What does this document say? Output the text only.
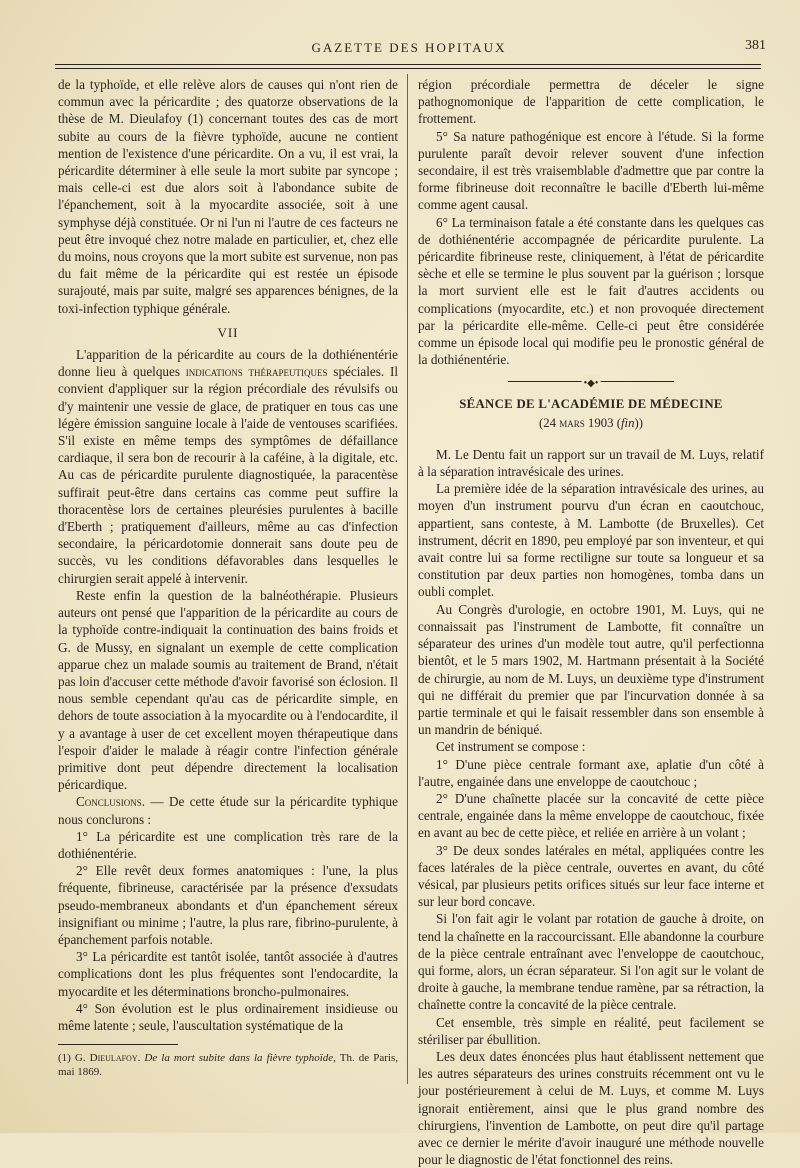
GAZETTE DES HOPITAUX	381

de la typhoïde, et elle relève alors de causes qui n'ont rien de commun avec la péricardite ; des quatorze observations de la thèse de M. Dieulafoy (1) concernant toutes des cas de mort subite au cours de la fièvre typhoïde, aucune ne contient mention de l'existence d'une péricardite. On a vu, il est vrai, la péricardite déterminer à elle seule la mort subite par syncope ; mais celle-ci est due alors soit à l'abondance subite de l'épanchement, soit à la myocardite associée, soit à une symphyse déjà constituée. Or ni l'un ni l'autre de ces facteurs ne peut être invoqué chez notre malade en particulier, et, chez elle du moins, nous croyons que la mort subite est survenue, non pas du fait même de la péricardite qui est restée un épisode surajouté, mais par suite, malgré ses apparences bénignes, de la toxi-infection typhique générale.

VII

L'apparition de la péricardite au cours de la dothiénentérie donne lieu à quelques indications thérapeutiques spéciales. Il convient d'appliquer sur la région précordiale des révulsifs ou d'y maintenir une vessie de glace, de pratiquer en tous cas une légère émission sanguine locale à l'aide de ventouses scarifiées. S'il existe en même temps des symptômes de défaillance cardiaque, il sera bon de recourir à la caféine, à la digitale, etc. Au cas de péricardite purulente diagnostiquée, la paracentèse suffirait peut-être dans certains cas comme peut suffire la thoracentèse lors de certaines pleurésies purulentes à bacille d'Eberth ; pratiquement d'ailleurs, même au cas d'infection secondaire, la péricardotomie donnerait sans doute peu de succès, vu les conditions défavorables dans lesquelles le chirurgien serait appelé à intervenir.

Reste enfin la question de la balnéothérapie. Plusieurs auteurs ont pensé que l'apparition de la péricardite au cours de la typhoïde contre-indiquait la continuation des bains froids et G. de Mussy, en signalant un exemple de cette complication apparue chez un malade soumis au traitement de Brand, n'était pas loin d'accuser cette méthode d'avoir favorisé son éclosion. Il nous semble cependant qu'au cas de péricardite simple, en dehors de toute association à la myocardite ou à l'endocardite, il y a avantage à user de cet excellent moyen thérapeutique dans l'espoir d'aider le malade à réagir contre l'infection générale primitive dont peut dépendre directement la localisation péricardique.

Conclusions. — De cette étude sur la péricardite typhique nous conclurons :

1° La péricardite est une complication très rare de la dothiénentérie.

2° Elle revêt deux formes anatomiques : l'une, la plus fréquente, fibrineuse, caractérisée par la présence d'exsudats pseudo-membraneux abondants et d'un épanchement séreux insignifiant ou minime ; l'autre, la plus rare, fibrino-purulente, à épanchement parfois notable.

3° La péricardite est tantôt isolée, tantôt associée à d'autres complications dont les plus fréquentes sont l'endocardite, la myocardite et les déterminations broncho-pulmonaires.

4° Son évolution est le plus ordinairement insidieuse ou même latente ; seule, l'auscultation systématique de la

(1) G. Dieulafoy. De la mort subite dans la fièvre typhoïde, Th. de Paris, mai 1869.

région précordiale permettra de déceler le signe pathognomonique de l'apparition de cette complication, le frottement.

5° Sa nature pathogénique est encore à l'étude. Si la forme purulente paraît devoir relever souvent d'une infection secondaire, il est très vraisemblable d'admettre que par contre la forme fibrineuse doit reconnaître le bacille d'Eberth lui-même comme agent causal.

6° La terminaison fatale a été constante dans les quelques cas de dothiénentérie accompagnée de péricardite purulente. La péricardite fibrineuse reste, cliniquement, à l'état de péricardite sèche et elle se termine le plus souvent par la guérison ; lorsque la mort survient elle est le fait d'autres accidents ou complications (myocardite, etc.) et non provoquée directement par la péricardite elle-même. Celle-ci peut être considérée comme un épisode local qui modifie peu le pronostic général de la dothiénentérie.

•◆•
SÉANCE DE L'ACADÉMIE DE MÉDECINE
(24 mars 1903 (fin))

M. Le Dentu fait un rapport sur un travail de M. Luys, relatif à la séparation intravésicale des urines.

La première idée de la séparation intravésicale des urines, au moyen d'un instrument pourvu d'un écran en caoutchouc, appartient, sans conteste, à M. Lambotte (de Bruxelles). Cet instrument, décrit en 1890, peu employé par son inventeur, et qui avait contre lui sa forme rectiligne sur toute sa longueur et sa constitution par deux parties non homogènes, tomba dans un oubli complet.

Au Congrès d'urologie, en octobre 1901, M. Luys, qui ne connaissait pas l'instrument de Lambotte, fit connaître un séparateur des urines d'un modèle tout autre, qu'il perfectionna bientôt, et le 5 mars 1902, M. Hartmann présentait à la Société de chirurgie, au nom de M. Luys, un deuxième type d'instrument qui ne différait du premier que par l'incurvation donnée à sa partie terminale et qui le faisait ressembler dans son ensemble à un mandrin de béniqué.

Cet instrument se compose :

1° D'une pièce centrale formant axe, aplatie d'un côté à l'autre, engainée dans une enveloppe de caoutchouc ;

2° D'une chaînette placée sur la concavité de cette pièce centrale, engainée dans la même enveloppe de caoutchouc, fixée en avant au bec de cette pièce, et reliée en arrière à un volant ;

3° De deux sondes latérales en métal, appliquées contre les faces latérales de la pièce centrale, ouvertes en avant, du côté vésical, par plusieurs petits orifices situés sur leur face interne et sur leur bord concave.

Si l'on fait agir le volant par rotation de gauche à droite, on tend la chaînette en la raccourcissant. Elle abandonne la courbure de la pièce centrale entraînant avec l'enveloppe de caoutchouc, qui forme, alors, un écran séparateur. Si l'on agit sur le volant de droite à gauche, la membrane tendue ramène, par sa rétraction, la chaînette contre la concavité de la pièce centrale.

Cet ensemble, très simple en réalité, peut facilement se stériliser par ébullition.

Les deux dates énoncées plus haut établissent nettement que les autres séparateurs des urines construits récemment ont vu le jour postérieurement à celui de M. Luys, et comme M. Luys ignorait entièrement, ainsi que le plus grand nombre des chirurgiens, l'invention de Lambotte, on peut dire qu'il partage avec ce dernier le mérite d'avoir inauguré une méthode nouvelle pour le diagnostic de l'état fonctionnel des reins.
